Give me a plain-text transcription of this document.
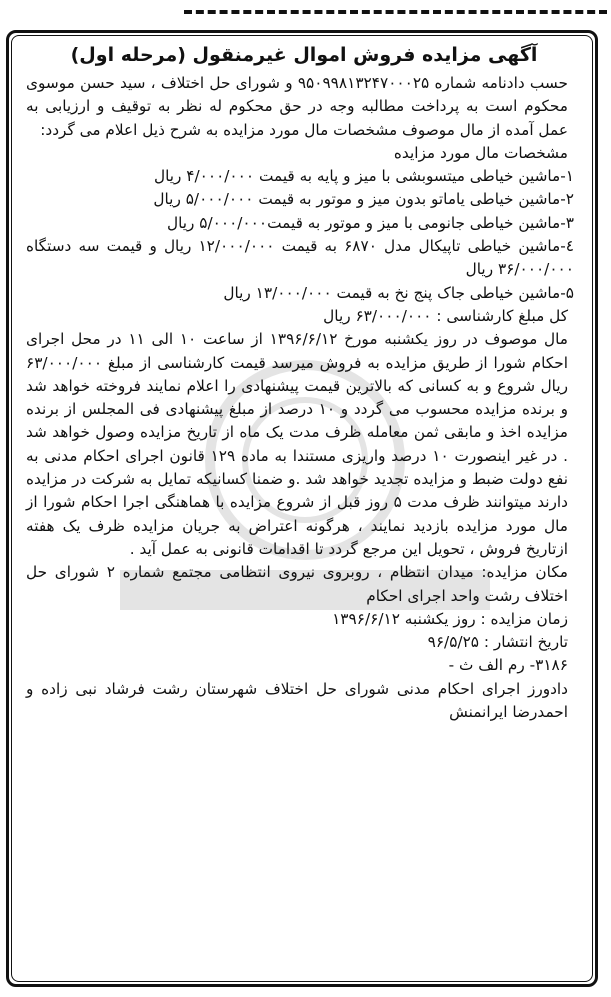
آگهی مزایده فروش اموال غیرمنقول (مرحله اول)

حسب دادنامه شماره ۹۵۰۹۹۸۱۳۲۴۷۰۰۰۲۵ و شورای حل اختلاف ، سید حسن موسوی محکوم است به پرداخت مطالبه وجه در حق محکوم له نظر به توقیف و ارزیابی به عمل آمده از مال موصوف مشخصات مال مورد مزایده به شرح ذیل اعلام می گردد:

مشخصات مال مورد مزایده

۱-ماشین خیاطی میتسوبشی با میز و پایه به قیمت ۴/۰۰۰/۰۰۰ ریال
۲-ماشین خیاطی یاماتو بدون میز و موتور به قیمت ۵/۰۰۰/۰۰۰ ریال
۳-ماشین خیاطی جانومی با میز و موتور به قیمت۵/۰۰۰/۰۰۰ ریال
٤-ماشین خیاطی تاپیکال مدل ۶۸۷۰ به قیمت ۱۲/۰۰۰/۰۰۰ ریال و قیمت سه دستگاه ۳۶/۰۰۰/۰۰۰ ریال
۵-ماشین خیاطی جاک پنج نخ به قیمت ۱۳/۰۰۰/۰۰۰ ریال

کل مبلغ کارشناسی : ۶۳/۰۰۰/۰۰۰ ریال

مال موصوف در روز یکشنبه مورخ ۱۳۹۶/۶/۱۲ از ساعت ۱۰ الی ۱۱ در محل اجرای احکام شورا از طریق مزایده به فروش میرسد قیمت کارشناسی از مبلغ ۶۳/۰۰۰/۰۰۰ ریال شروع و به کسانی که بالاترین قیمت پیشنهادی را اعلام نمایند فروخته خواهد شد و برنده مزایده محسوب می گردد و ۱۰ درصد از مبلغ پیشنهادی فی المجلس از برنده مزایده اخذ و مابقی ثمن معامله ظرف مدت یک ماه از تاریخ مزایده وصول خواهد شد . در غیر اینصورت ۱۰ درصد واریزی مستندا به ماده ۱۲۹ قانون اجرای احکام مدنی به نفع دولت ضبط و مزایده تجدید خواهد شد .و ضمنا کسانیکه تمایل به شرکت در مزایده دارند میتوانند ظرف مدت ۵ روز قبل از شروع مزایده با هماهنگی اجرا احکام شورا از مال مورد مزایده بازدید نمایند ، هرگونه اعتراض به جریان مزایده ظرف یک هفته ازتاریخ فروش ، تحویل این مرجع گردد تا اقدامات قانونی به عمل آید .

مکان مزایده: میدان انتظام ، روبروی نیروی انتظامی مجتمع شماره ۲ شورای حل اختلاف رشت واحد اجرای احکام

زمان مزایده : روز یکشنبه ۱۳۹۶/۶/۱۲

تاریخ انتشار : ۹۶/۵/۲۵

۳۱۸۶- رم الف ث -

دادورز اجرای احکام مدنی شورای حل اختلاف شهرستان رشت فرشاد نبی زاده و احمدرضا ایرانمنش
